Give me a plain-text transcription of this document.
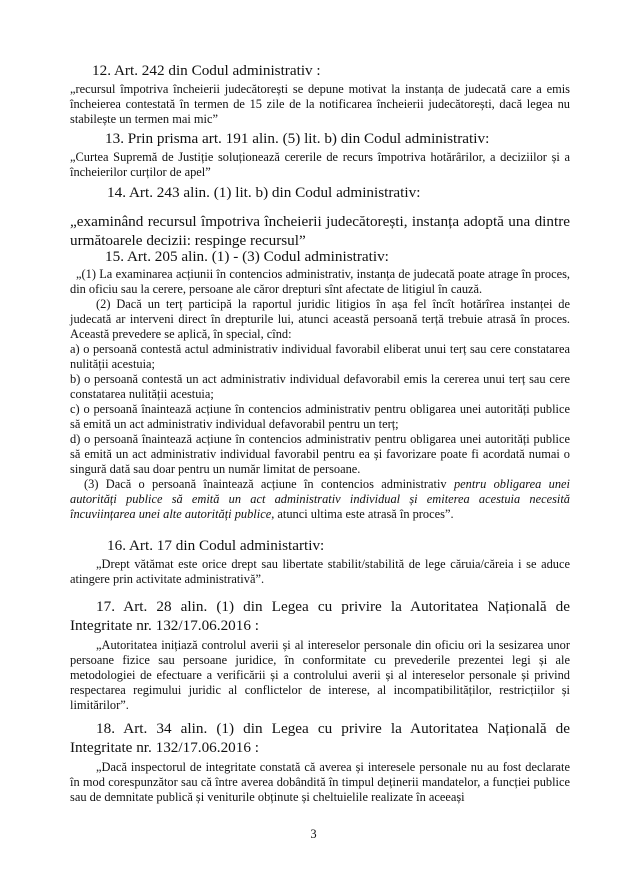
12. Art. 242 din Codul administrativ :

„recursul împotriva încheierii judecătorești se depune motivat la instanța de judecată care a emis încheierea contestată în termen de 15 zile de la notificarea încheierii judecătorești, dacă legea nu stabilește un termen mai mic”

13. Prin prisma art. 191 alin. (5) lit. b) din Codul administrativ:

„Curtea Supremă de Justiție soluționează cererile de recurs împotriva hotărârilor, a deciziilor și a încheierilor curților de apel”

14. Art. 243 alin. (1) lit. b) din Codul administrativ:

„examinând recursul împotriva încheierii judecătorești, instanța adoptă una dintre următoarele decizii: respinge recursul”

15. Art. 205 alin. (1) - (3) Codul administrativ:

„(1) La examinarea acțiunii în contencios administrativ, instanța de judecată poate atrage în proces, din oficiu sau la cerere, persoane ale căror drepturi sînt afectate de litigiul în cauză.

(2) Dacă un terț participă la raportul juridic litigios în așa fel încît hotărîrea instanței de judecată ar interveni direct în drepturile lui, atunci această persoană terță trebuie atrasă în proces. Această prevedere se aplică, în special, cînd:

a) o persoană contestă actul administrativ individual favorabil eliberat unui terț sau cere constatarea nulității acestuia;

b) o persoană contestă un act administrativ individual defavorabil emis la cererea unui terț sau cere constatarea nulității acestuia;

c) o persoană înaintează acțiune în contencios administrativ pentru obligarea unei autorități publice să emită un act administrativ individual defavorabil pentru un terț;

d) o persoană înaintează acțiune în contencios administrativ pentru obligarea unei autorități publice să emită un act administrativ individual favorabil pentru ea și favorizare poate fi acordată numai o singură dată sau doar pentru un număr limitat de persoane.

(3) Dacă o persoană înaintează acțiune în contencios administrativ pentru obligarea unei autorități publice să emită un act administrativ individual și emiterea acestuia necesită încuviințarea unei alte autorități publice, atunci ultima este atrasă în proces”.

16. Art. 17 din Codul administartiv:

„Drept vătămat este orice drept sau libertate stabilit/stabilită de lege căruia/căreia i se aduce atingere prin activitate administrativă”.

17. Art. 28 alin. (1) din Legea cu privire la Autoritatea Națională de Integritate nr. 132/17.06.2016 :

„Autoritatea inițiază controlul averii și al intereselor personale din oficiu ori la sesizarea unor persoane fizice sau persoane juridice, în conformitate cu prevederile prezentei legi și ale metodologiei de efectuare a verificării și a controlului averii și al intereselor personale și privind respectarea regimului juridic al conflictelor de interese, al incompatibilităților, restricțiilor și limitărilor”.

18. Art. 34 alin. (1) din Legea cu privire la Autoritatea Națională de Integritate nr. 132/17.06.2016 :

„Dacă inspectorul de integritate constată că averea și interesele personale nu au fost declarate în mod corespunzător sau că între averea dobândită în timpul deținerii mandatelor, a funcției publice sau de demnitate publică și veniturile obținute și cheltuielile realizate în aceeași

3
